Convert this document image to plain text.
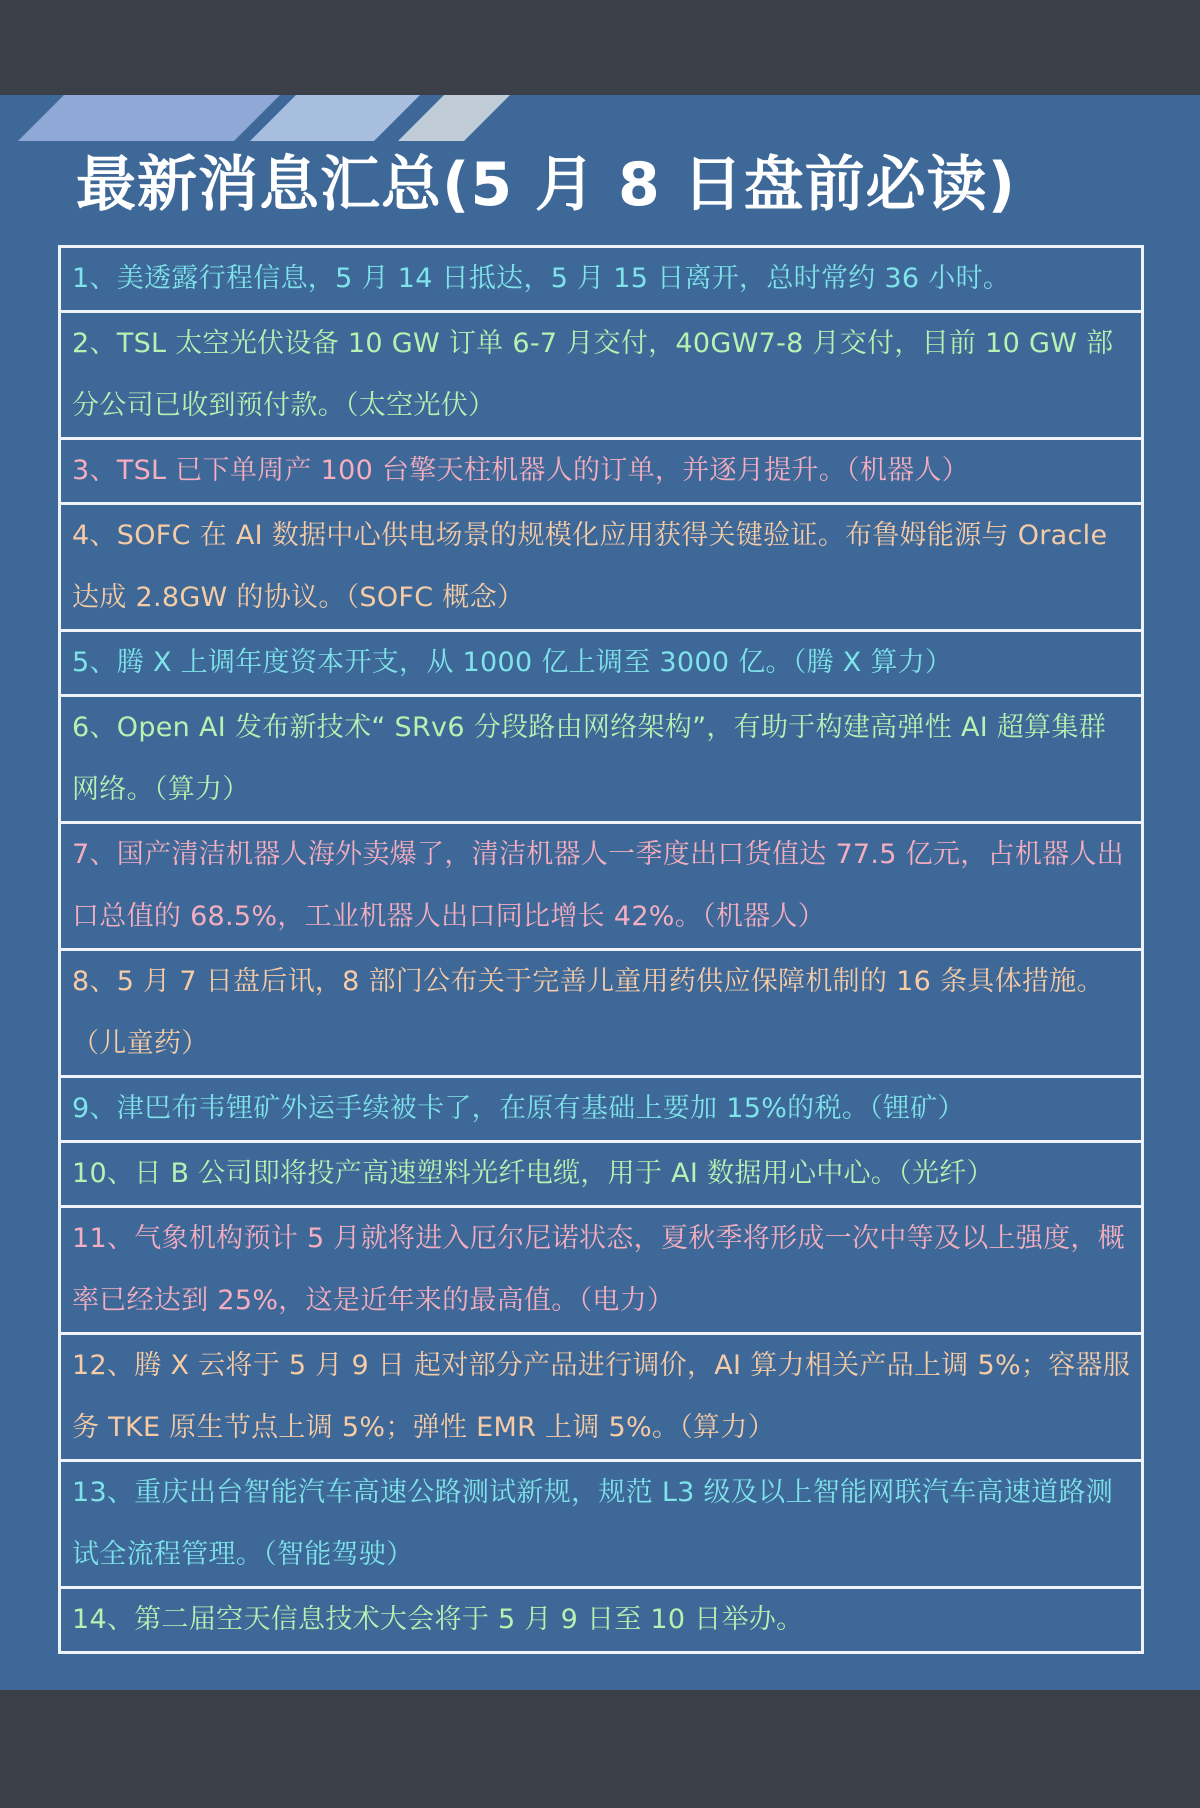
最新消息汇总(5 月 8 日盘前必读)
1、美透露行程信息，5 月 14 日抵达，5 月 15 日离开，总时常约 36 小时。
2、TSL 太空光伏设备 10 GW 订单 6-7 月交付，40GW7-8 月交付，目前 10 GW 部分公司已收到预付款。（太空光伏）
3、TSL 已下单周产 100 台擎天柱机器人的订单，并逐月提升。（机器人）
4、SOFC 在 AI 数据中心供电场景的规模化应用获得关键验证。布鲁姆能源与 Oracle 达成 2.8GW 的协议。（SOFC 概念）
5、腾 X 上调年度资本开支，从 1000 亿上调至 3000 亿。（腾 X 算力）
6、Open AI 发布新技术“ SRv6 分段路由网络架构”，有助于构建高弹性 AI 超算集群网络。（算力）
7、国产清洁机器人海外卖爆了，清洁机器人一季度出口货值达 77.5 亿元，占机器人出口总值的 68.5%，工业机器人出口同比增长 42%。（机器人）
8、5 月 7 日盘后讯，8 部门公布关于完善儿童用药供应保障机制的 16 条具体措施。（儿童药）
9、津巴布韦锂矿外运手续被卡了，在原有基础上要加 15%的税。（锂矿）
10、日 B 公司即将投产高速塑料光纤电缆，用于 AI 数据用心中心。（光纤）
11、气象机构预计 5 月就将进入厄尔尼诺状态，夏秋季将形成一次中等及以上强度，概率已经达到 25%，这是近年来的最高值。（电力）
12、腾 X 云将于 5 月 9 日 起对部分产品进行调价，AI 算力相关产品上调 5%；容器服务 TKE 原生节点上调 5%；弹性 EMR 上调 5%。（算力）
13、重庆出台智能汽车高速公路测试新规，规范 L3 级及以上智能网联汽车高速道路测试全流程管理。（智能驾驶）
14、第二届空天信息技术大会将于 5 月 9 日至 10 日举办。
